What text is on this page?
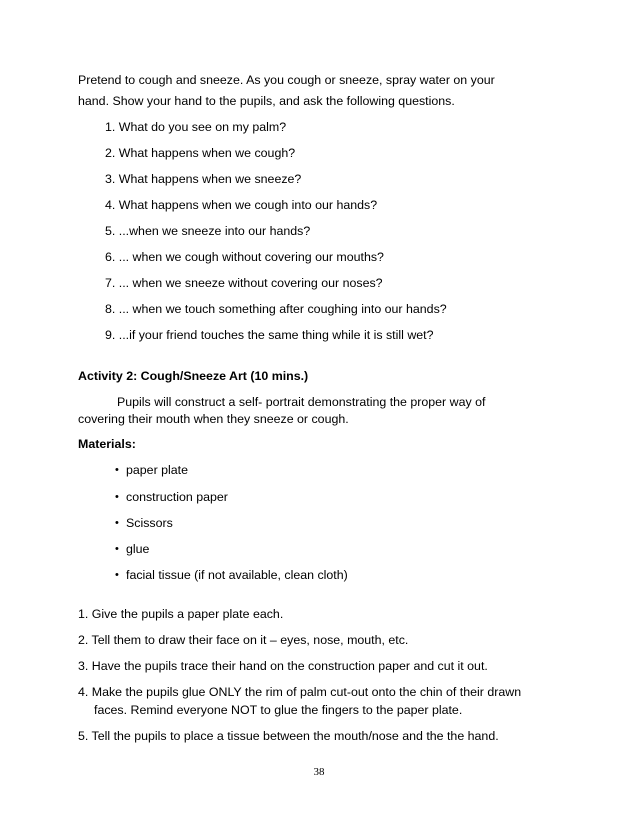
Pretend to cough and sneeze. As you cough or sneeze, spray water on your
hand. Show your hand to the pupils, and ask the following questions.
1. What do you see on my palm?
2. What happens when we cough?
3. What happens when we sneeze?
4. What happens when we cough into our hands?
5. ...when we sneeze into our hands?
6. ... when we cough without covering our mouths?
7. ... when we sneeze without covering our noses?
8. ... when we touch something after coughing into our hands?
9. ...if your friend touches the same thing while it is still wet?
Activity 2: Cough/Sneeze Art (10 mins.)
Pupils will construct a self- portrait demonstrating the proper way of
covering their mouth when they sneeze or cough.
Materials:
• paper plate
• construction paper
• Scissors
• glue
• facial tissue (if not available, clean cloth)
1. Give the pupils a paper plate each.
2. Tell them to draw their face on it – eyes, nose, mouth, etc.
3. Have the pupils trace their hand on the construction paper and cut it out.
4. Make the pupils glue ONLY the rim of palm cut-out onto the chin of their drawn
faces. Remind everyone NOT to glue the fingers to the paper plate.
5. Tell the pupils to place a tissue between the mouth/nose and the the hand.
38
